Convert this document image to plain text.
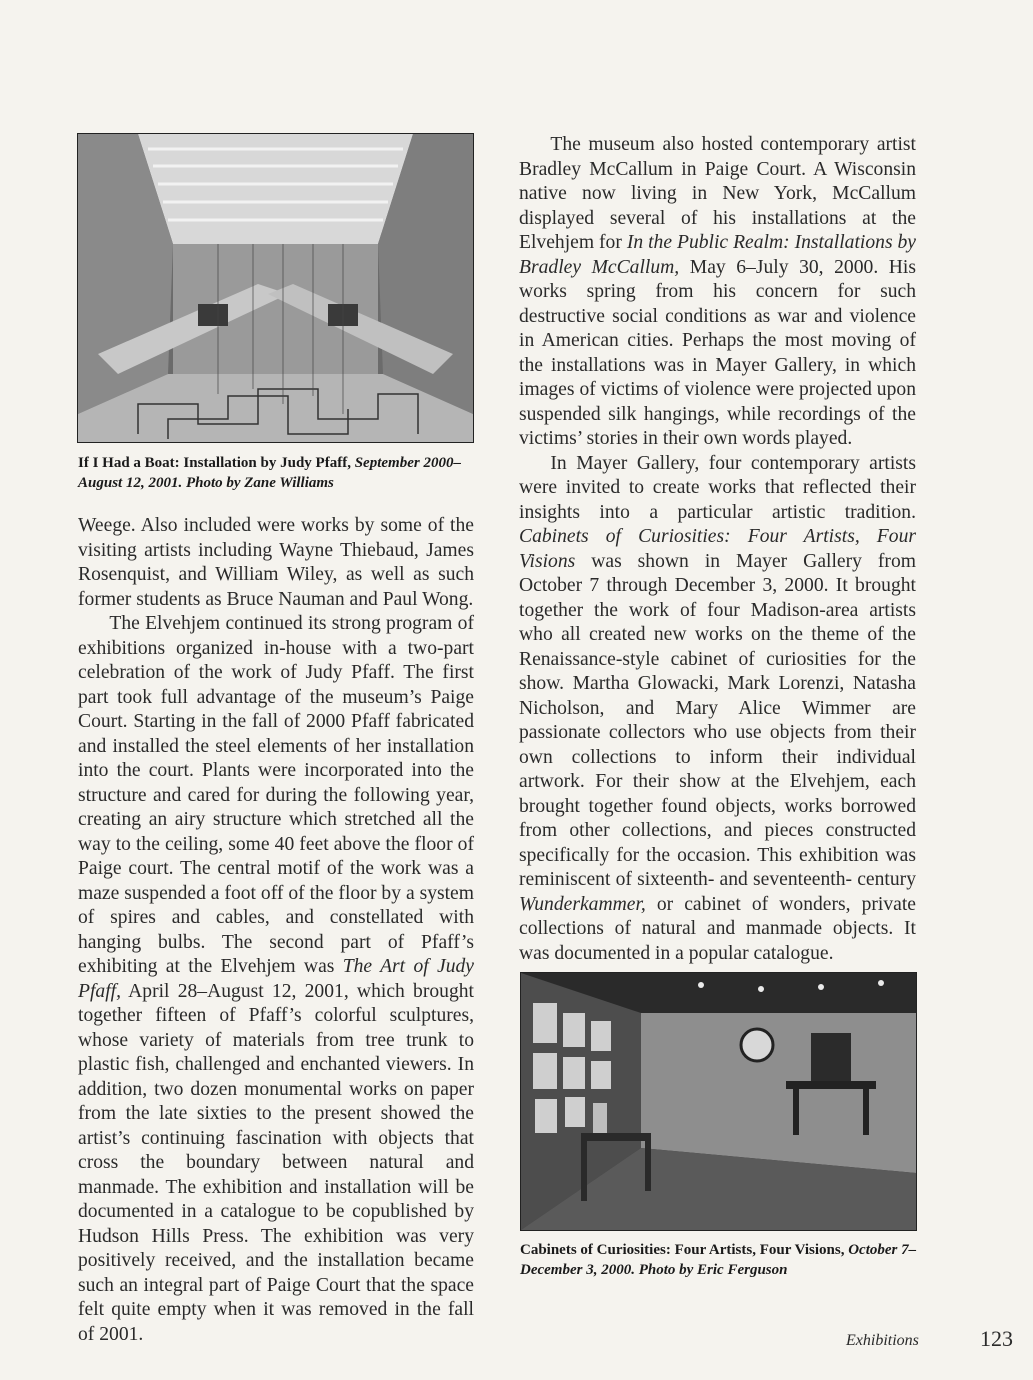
If I Had a Boat: Installation by Judy Pfaff, September 2000–August 12, 2001. Photo by Zane Williams

Weege. Also included were works by some of the visiting artists including Wayne Thiebaud, James Rosenquist, and William Wiley, as well as such former students as Bruce Nauman and Paul Wong.

The Elvehjem continued its strong program of exhibitions organized in-house with a two-part celebration of the work of Judy Pfaff. The first part took full advantage of the museum’s Paige Court. Starting in the fall of 2000 Pfaff fabricated and installed the steel elements of her installation into the court. Plants were incorporated into the structure and cared for during the following year, creating an airy structure which stretched all the way to the ceiling, some 40 feet above the floor of Paige court. The central motif of the work was a maze suspended a foot off of the floor by a system of spires and cables, and constellated with hanging bulbs. The second part of Pfaff’s exhibiting at the Elvehjem was The Art of Judy Pfaff, April 28–August 12, 2001, which brought together fifteen of Pfaff’s colorful sculptures, whose variety of materials from tree trunk to plastic fish, challenged and enchanted viewers. In addition, two dozen monumental works on paper from the late sixties to the present showed the artist’s continuing fascination with objects that cross the boundary between natural and manmade. The exhibition and installation will be documented in a catalogue to be copublished by Hudson Hills Press. The exhibition was very positively received, and the installation became such an integral part of Paige Court that the space felt quite empty when it was removed in the fall of 2001.

The museum also hosted contemporary artist Bradley McCallum in Paige Court. A Wisconsin native now living in New York, McCallum displayed several of his installations at the Elvehjem for In the Public Realm: Installations by Bradley McCallum, May 6–July 30, 2000. His works spring from his concern for such destructive social conditions as war and violence in American cities. Perhaps the most moving of the installations was in Mayer Gallery, in which images of victims of violence were projected upon suspended silk hangings, while recordings of the victims’ stories in their own words played.

In Mayer Gallery, four contemporary artists were invited to create works that reflected their insights into a particular artistic tradition. Cabinets of Curiosities: Four Artists, Four Visions was shown in Mayer Gallery from October 7 through December 3, 2000. It brought together the work of four Madison-area artists who all created new works on the theme of the Renaissance-style cabinet of curiosities for the show. Martha Glowacki, Mark Lorenzi, Natasha Nicholson, and Mary Alice Wimmer are passionate collectors who use objects from their own collections to inform their individual artwork. For their show at the Elvehjem, each brought together found objects, works borrowed from other collections, and pieces constructed specifically for the occasion. This exhibition was reminiscent of sixteenth- and seventeenth- century Wunderkammer, or cabinet of wonders, private collections of natural and manmade objects. It was documented in a popular catalogue.

Cabinets of Curiosities: Four Artists, Four Visions, October 7–December 3, 2000. Photo by Eric Ferguson
Exhibitions	123
